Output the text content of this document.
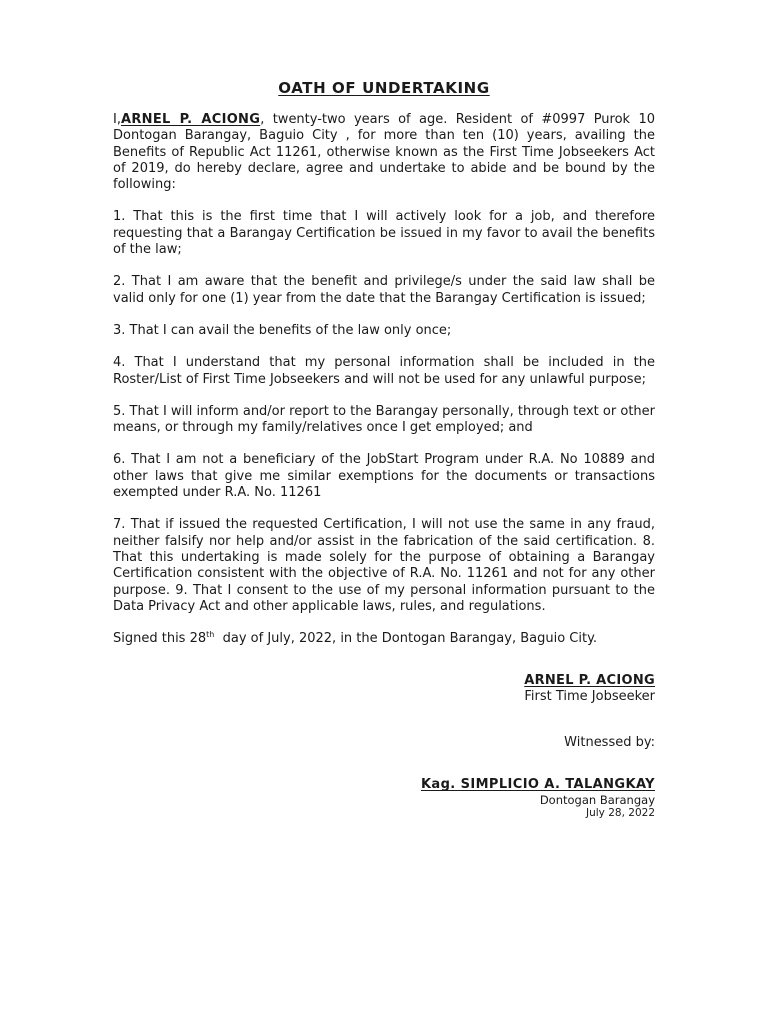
OATH OF UNDERTAKING

I,ARNEL P. ACIONG, twenty-two years of age. Resident of #0997 Purok 10 Dontogan Barangay, Baguio City , for more than ten (10) years, availing the Benefits of Republic Act 11261, otherwise known as the First Time Jobseekers Act of 2019, do hereby declare, agree and undertake to abide and be bound by the following:

1. That this is the first time that I will actively look for a job, and therefore requesting that a Barangay Certification be issued in my favor to avail the benefits of the law;

2. That I am aware that the benefit and privilege/s under the said law shall be valid only for one (1) year from the date that the Barangay Certification is issued;

3. That I can avail the benefits of the law only once;

4. That I understand that my personal information shall be included in the Roster/List of First Time Jobseekers and will not be used for any unlawful purpose;

5. That I will inform and/or report to the Barangay personally, through text or other means, or through my family/relatives once I get employed; and

6. That I am not a beneficiary of the JobStart Program under R.A. No 10889 and other laws that give me similar exemptions for the documents or transactions exempted under R.A. No. 11261

7. That if issued the requested Certification, I will not use the same in any fraud, neither falsify nor help and/or assist in the fabrication of the said certification. 8. That this undertaking is made solely for the purpose of obtaining a Barangay Certification consistent with the objective of R.A. No. 11261 and not for any other purpose. 9. That I consent to the use of my personal information pursuant to the Data Privacy Act and other applicable laws, rules, and regulations.

Signed this 28th  day of July, 2022, in the Dontogan Barangay, Baguio City.

ARNEL P. ACIONG
First Time Jobseeker
Witnessed by:
Kag. SIMPLICIO A. TALANGKAY
Dontogan Barangay
July 28, 2022
